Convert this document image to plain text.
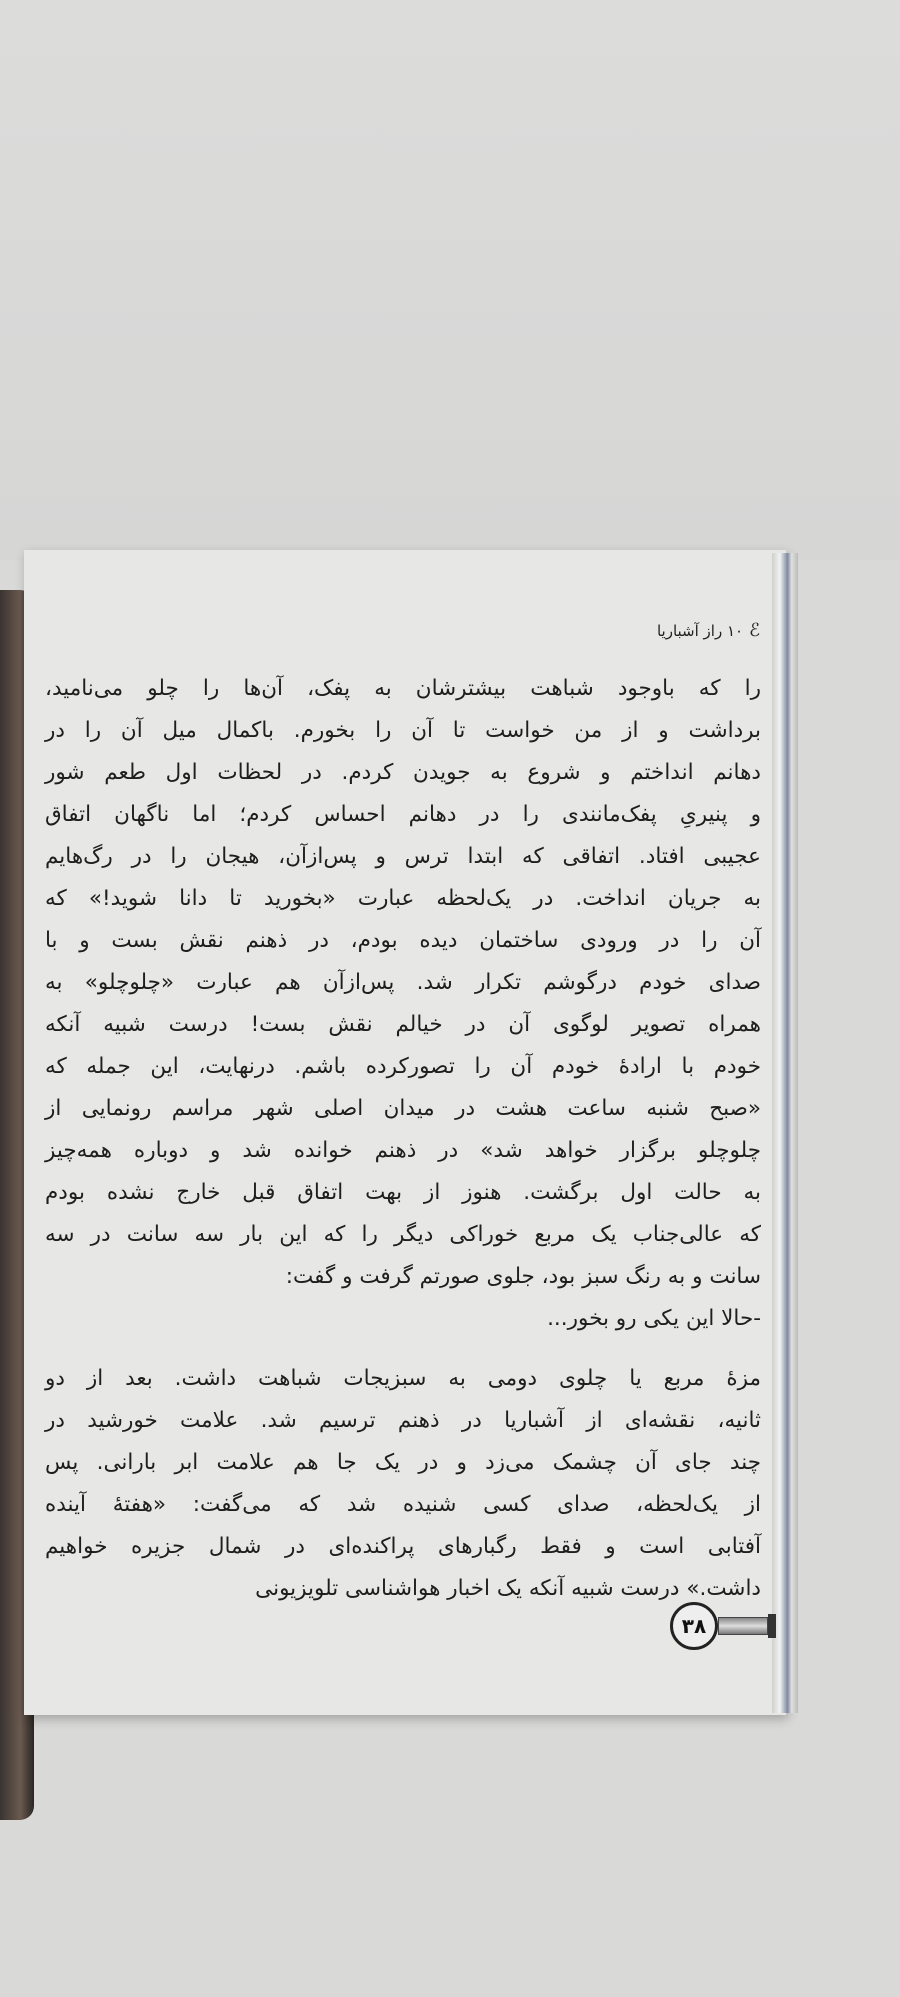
ℰ
۱۰ راز آشباریا
را که باوجود شباهت بیشترشان به پفک، آن‌ها را چلو می‌نامید،
برداشت و از من خواست تا آن را بخورم. باکمال میل آن را در
دهانم انداختم و شروع به جویدن کردم. در لحظات اول طعم شور
و پنیریِ پفک‌مانندی را در دهانم احساس کردم؛ اما ناگهان اتفاق
عجیبی افتاد. اتفاقی که ابتدا ترس و پس‌ازآن، هیجان را در رگ‌هایم
به جریان انداخت. در یک‌لحظه عبارت «بخورید تا دانا شوید!» که
آن را در ورودی ساختمان دیده بودم، در ذهنم نقش بست و با
صدای خودم درگوشم تکرار شد. پس‌ازآن هم عبارت «چلوچلو» به
همراه تصویر لوگوی آن در خیالم نقش بست! درست شبیه آنکه
خودم با ارادهٔ خودم آن را تصورکرده باشم. درنهایت، این جمله که
«صبح شنبه ساعت هشت در میدان اصلی شهر مراسم رونمایی از
چلوچلو برگزار خواهد شد» در ذهنم خوانده شد و دوباره همه‌چیز
به حالت اول برگشت. هنوز از بهت اتفاق قبل خارج نشده بودم
که عالی‌جناب یک مربع خوراکی دیگر را که این بار سه سانت در سه
سانت و به رنگ سبز بود، جلوی صورتم گرفت و گفت:
-حالا این یکی رو بخور...
مزهٔ مربع یا چلوی دومی به سبزیجات شباهت داشت. بعد از دو
ثانیه، نقشه‌ای از آشباریا در ذهنم ترسیم شد. علامت خورشید در
چند جای آن چشمک می‌زد و در یک جا هم علامت ابر بارانی. پس
از یک‌لحظه، صدای کسی شنیده شد که می‌گفت: «هفتهٔ آینده
آفتابی است و فقط رگبارهای پراکنده‌ای در شمال جزیره خواهیم
داشت.» درست شبیه آنکه یک اخبار هواشناسی تلویزیونی
۳۸
